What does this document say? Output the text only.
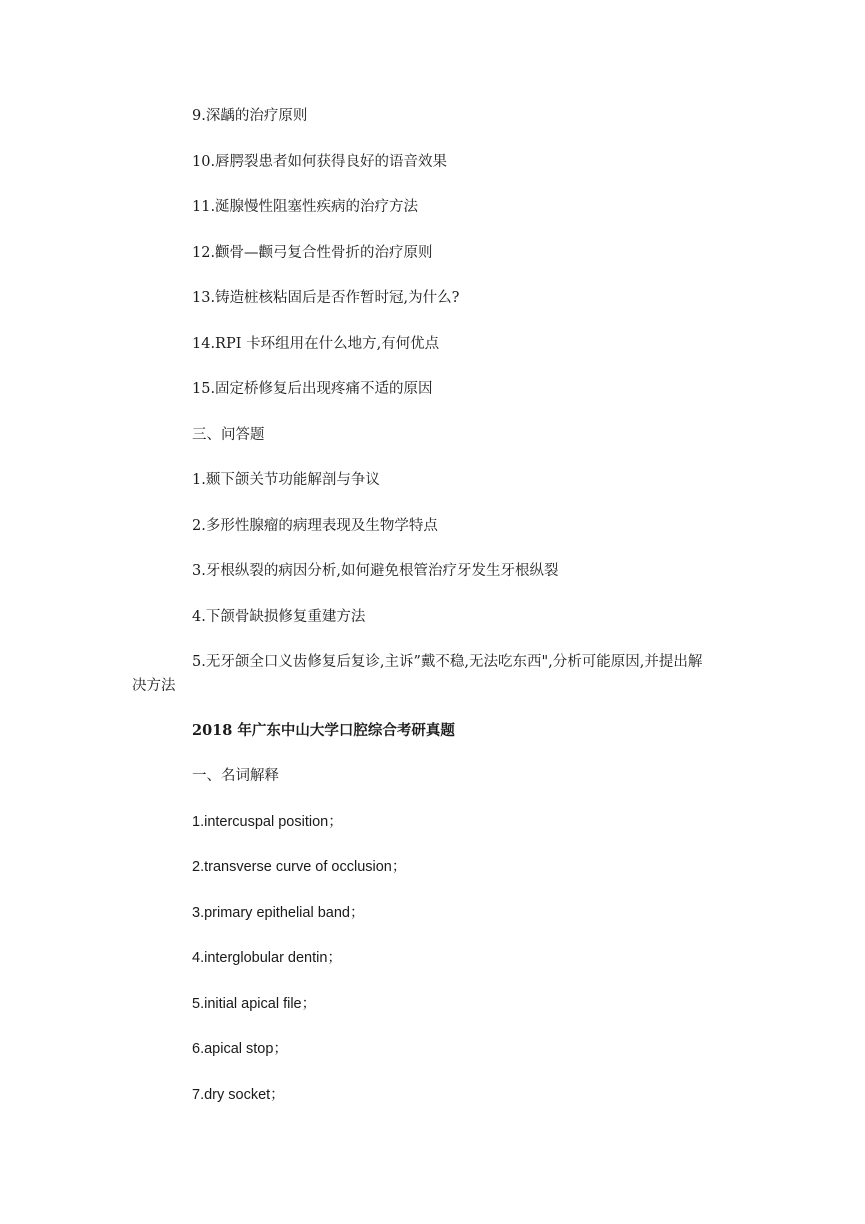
9.深龋的治疗原则
10.唇腭裂患者如何获得良好的语音效果
11.涎腺慢性阻塞性疾病的治疗方法
12.颧骨—颧弓复合性骨折的治疗原则
13.铸造桩核粘固后是否作暂时冠,为什么?
14.RPI 卡环组用在什么地方,有何优点
15.固定桥修复后出现疼痛不适的原因
三、问答题
1.颞下颌关节功能解剖与争议
2.多形性腺瘤的病理表现及生物学特点
3.牙根纵裂的病因分析,如何避免根管治疗牙发生牙根纵裂
4.下颌骨缺损修复重建方法
5.无牙颌全口义齿修复后复诊,主诉”戴不稳,无法吃东西",分析可能原因,并提出解
决方法
2018 年广东中山大学口腔综合考研真题
一、名词解释
1.intercuspal position；
2.transverse curve of occlusion；
3.primary epithelial band；
4.interglobular dentin；
5.initial apical file；
6.apical stop；
7.dry socket；
